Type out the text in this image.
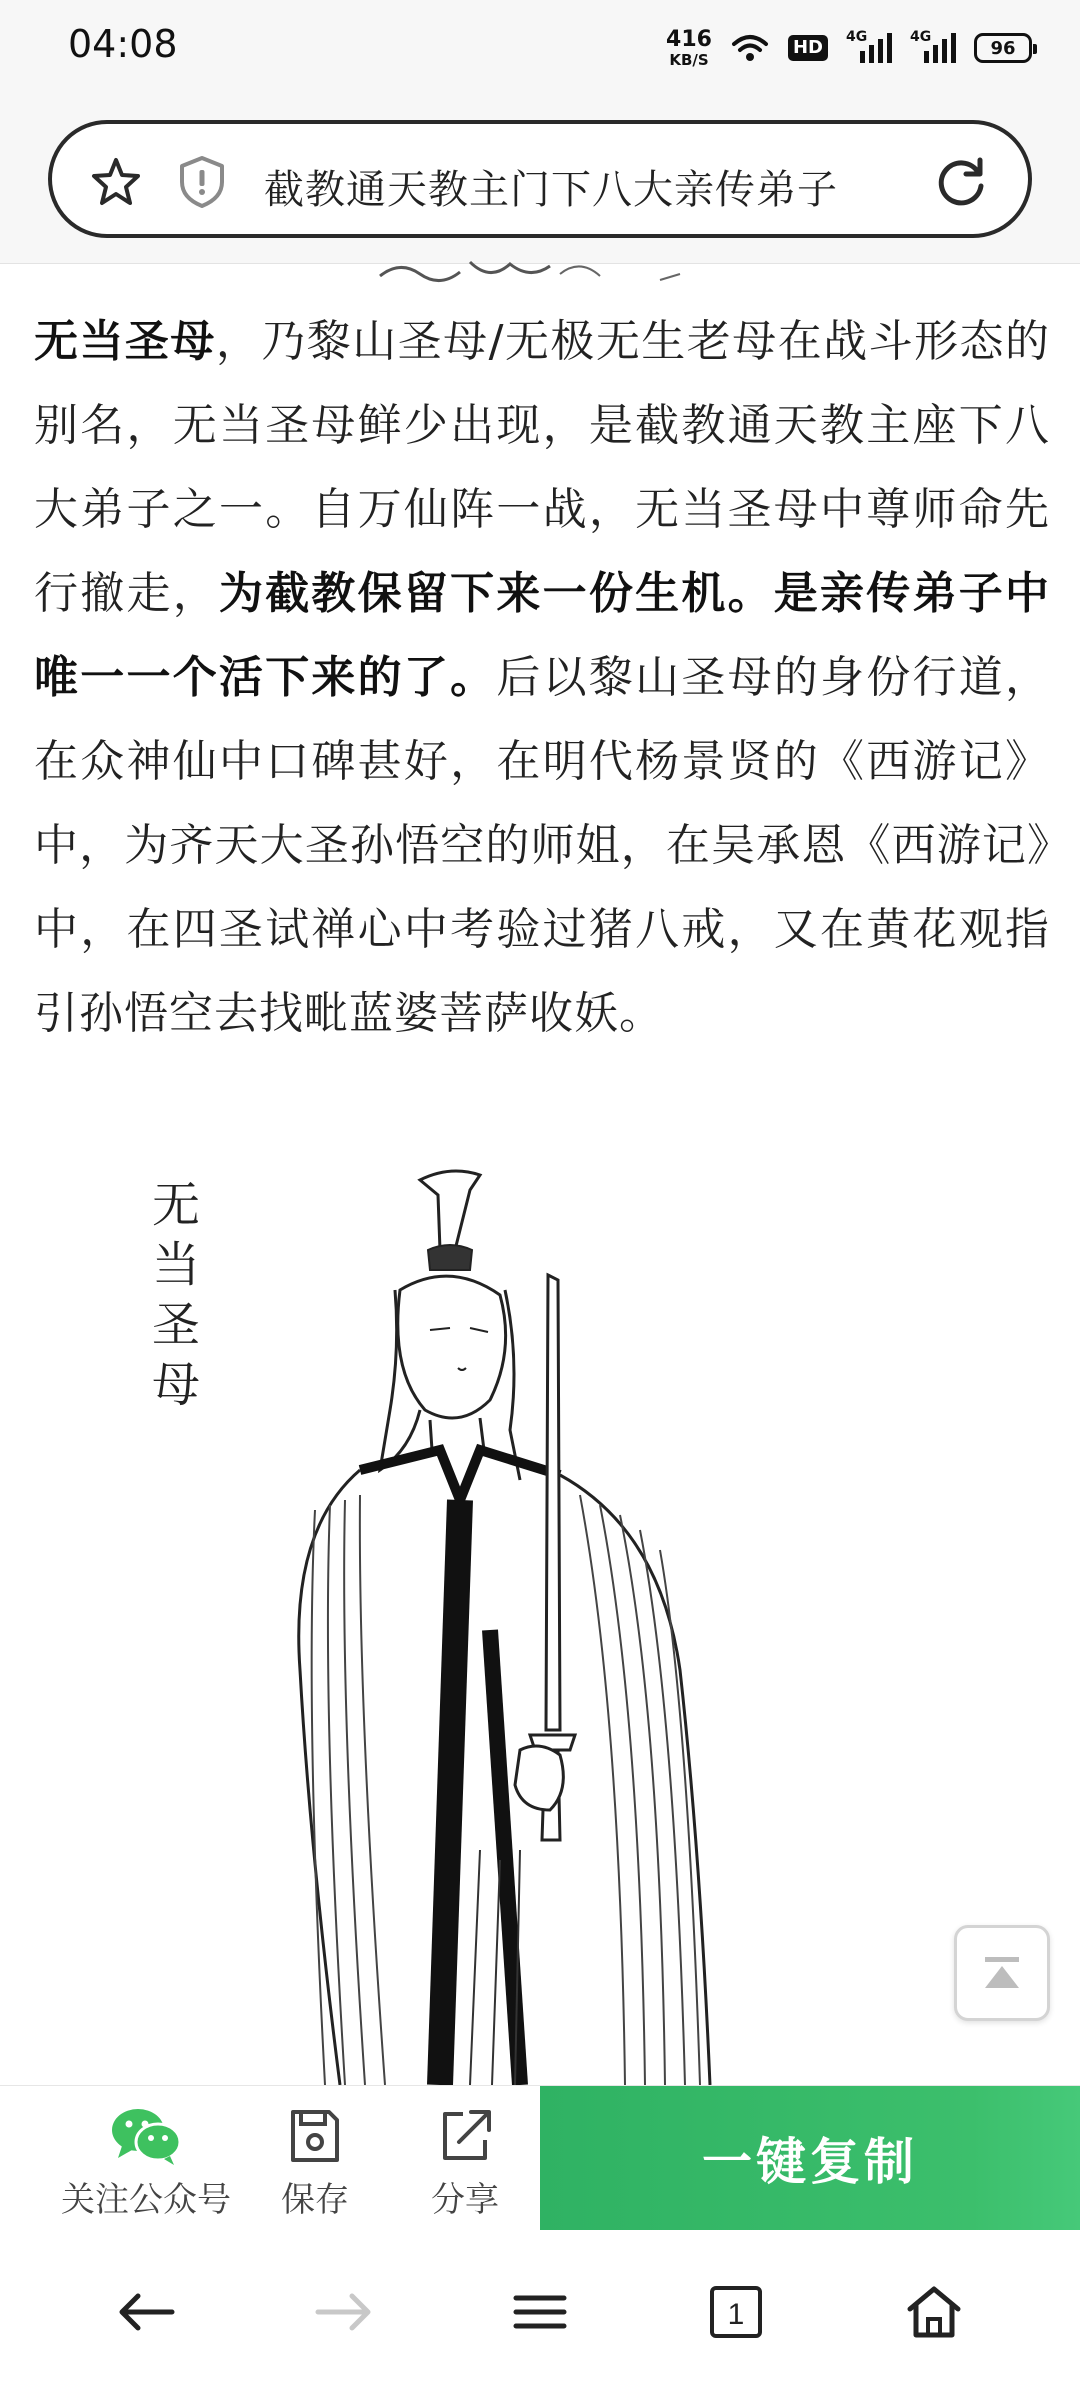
04:08	416
KB/S
HD	4G	4G
96
截教通天教主门下八大亲传弟子
无当圣母，乃黎山圣母/无极无生老母在战斗形态的别名，无当圣母鲜少出现，是截教通天教主座下八大弟子之一。自万仙阵一战，无当圣母中尊师命先行撤走，为截教保留下来一份生机。是亲传弟子中唯一一个活下来的了。后以黎山圣母的身份行道，在众神仙中口碑甚好，在明代杨景贤的《西游记》中，为齐天大圣孙悟空的师姐，在吴承恩《西游记》中，在四圣试禅心中考验过猪八戒，又在黄花观指引孙悟空去找毗蓝婆菩萨收妖。
无当圣母
关注公众号 保存 分享
一键复制
1
